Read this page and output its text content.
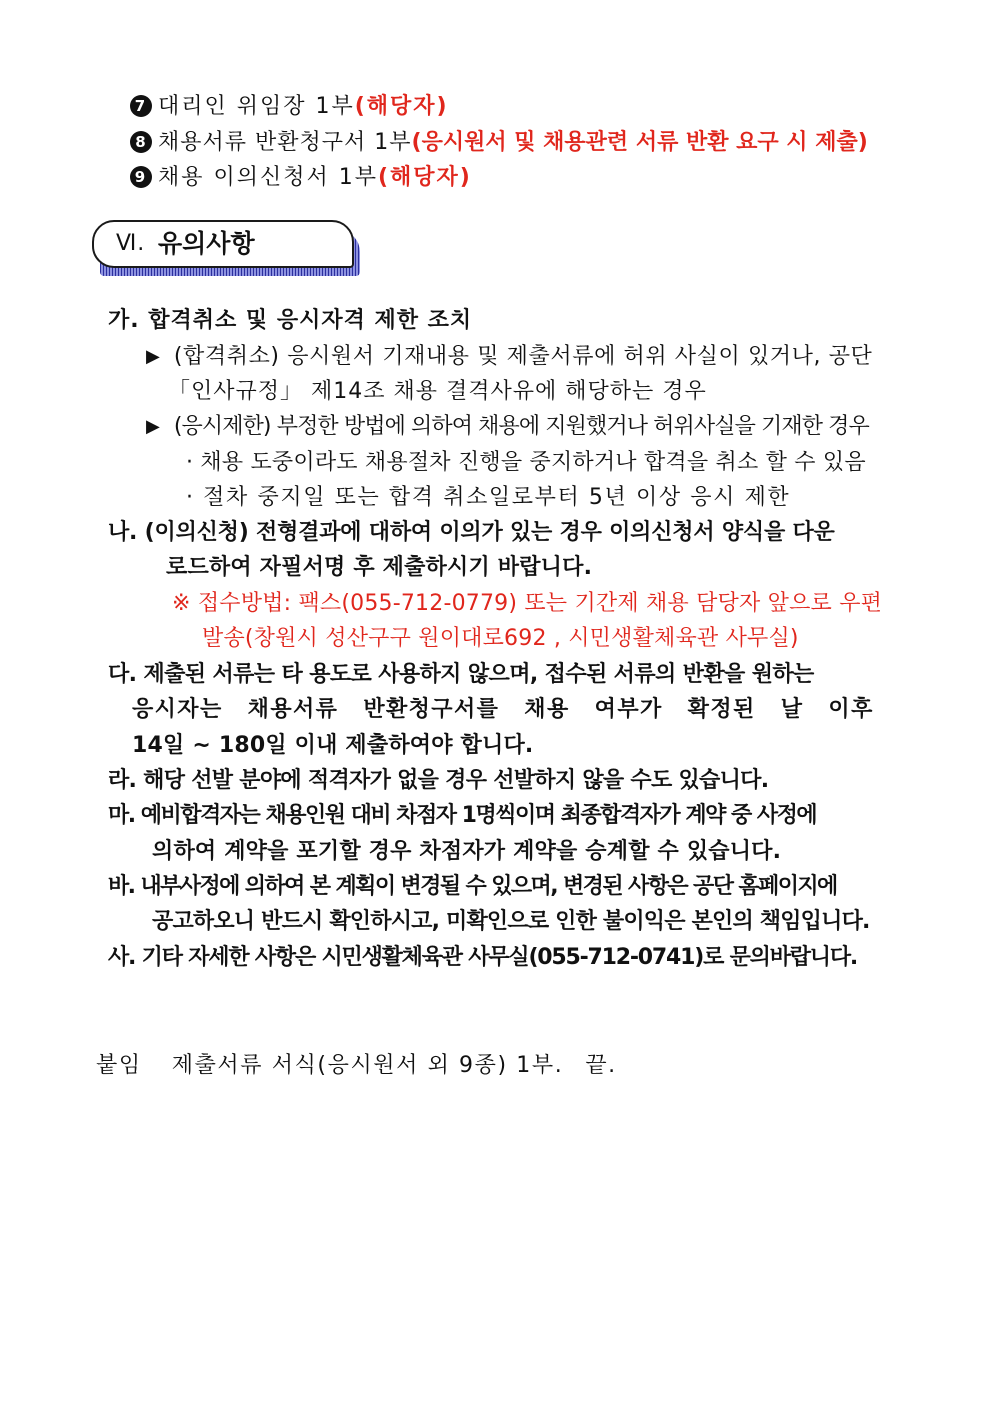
7 대리인 위임장 1부(해당자)
8 채용서류 반환청구서 1부(응시원서 및 채용관련 서류 반환 요구 시 제출)
9 채용 이의신청서 1부(해당자)
Ⅵ. 유의사항
가. 합격취소 및 응시자격 제한 조치
▶ (합격취소) 응시원서 기재내용 및 제출서류에 허위 사실이 있거나, 공단
「인사규정」 제14조 채용 결격사유에 해당하는 경우
▶ (응시제한) 부정한 방법에 의하여 채용에 지원했거나 허위사실을 기재한 경우
· 채용 도중이라도 채용절차 진행을 중지하거나 합격을 취소 할 수 있음
· 절차 중지일 또는 합격 취소일로부터 5년 이상 응시 제한
나. (이의신청) 전형결과에 대하여 이의가 있는 경우 이의신청서 양식을 다운
로드하여 자필서명 후 제출하시기 바랍니다.
※ 접수방법: 팩스(055-712-0779) 또는 기간제 채용 담당자 앞으로 우편
발송(창원시 성산구구 원이대로692 , 시민생활체육관 사무실)
다. 제출된 서류는 타 용도로 사용하지 않으며, 접수된 서류의 반환을 원하는
응시자는 채용서류 반환청구서를 채용 여부가 확정된 날 이후
14일 ~ 180일 이내 제출하여야 합니다.
라. 해당 선발 분야에 적격자가 없을 경우 선발하지 않을 수도 있습니다.
마. 예비합격자는 채용인원 대비 차점자 1명씩이며 최종합격자가 계약 중 사정에
의하여 계약을 포기할 경우 차점자가 계약을 승계할 수 있습니다.
바. 내부사정에 의하여 본 계획이 변경될 수 있으며, 변경된 사항은 공단 홈페이지에
공고하오니 반드시 확인하시고, 미확인으로 인한 불이익은 본인의 책임입니다.
사. 기타 자세한 사항은 시민생활체육관 사무실(055-712-0741)로 문의바랍니다.
붙임 제출서류 서식(응시원서 외 9종) 1부. 끝.
